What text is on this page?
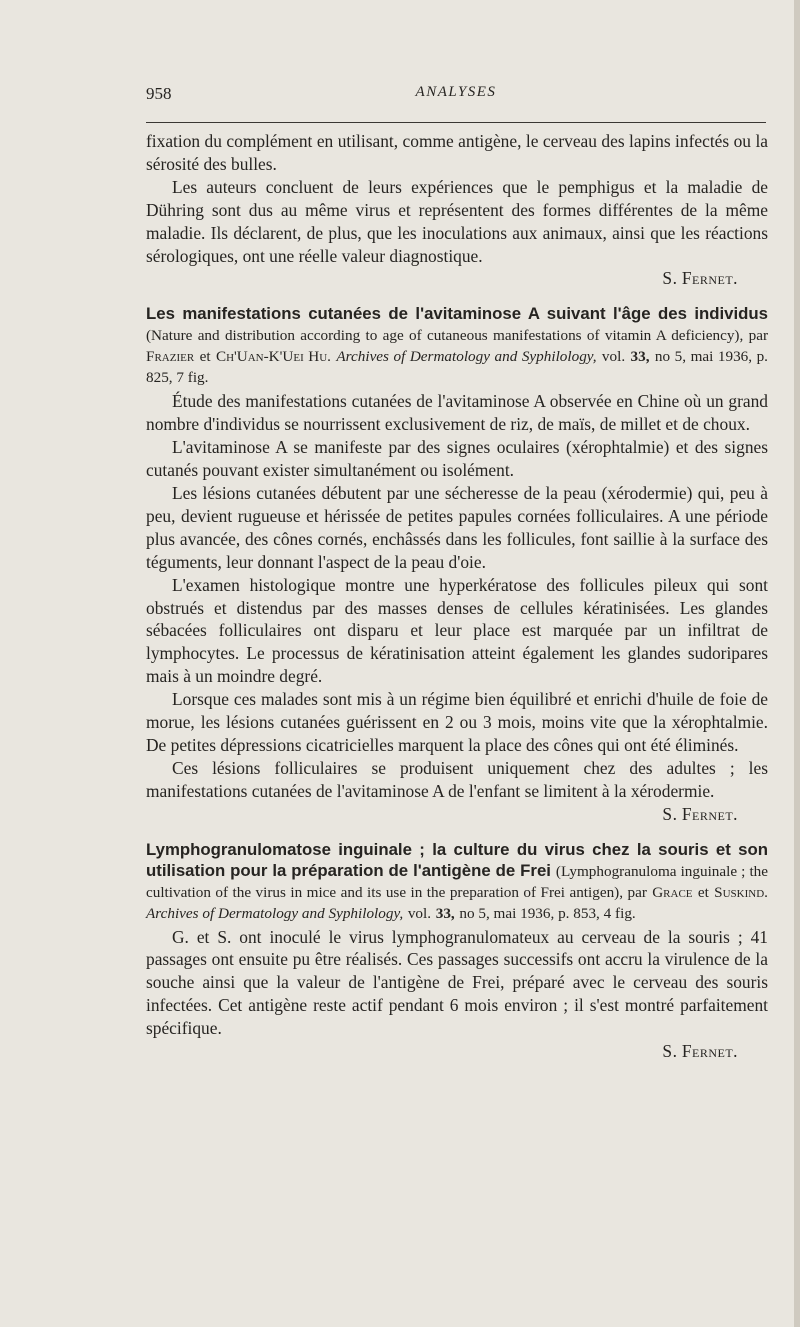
958	ANALYSES

fixation du complément en utilisant, comme antigène, le cerveau des lapins infectés ou la sérosité des bulles.

Les auteurs concluent de leurs expériences que le pemphigus et la maladie de Dühring sont dus au même virus et représentent des formes différentes de la même maladie. Ils déclarent, de plus, que les inoculations aux animaux, ainsi que les réactions sérologiques, ont une réelle valeur diagnostique.

S. Fernet.

Les manifestations cutanées de l'avitaminose A suivant l'âge des individus (Nature and distribution according to age of cutaneous manifestations of vitamin A deficiency), par Frazier et Ch'Uan-K'Uei Hu. Archives of Dermatology and Syphilology, vol. 33, no 5, mai 1936, p. 825, 7 fig.

Étude des manifestations cutanées de l'avitaminose A observée en Chine où un grand nombre d'individus se nourrissent exclusivement de riz, de maïs, de millet et de choux.

L'avitaminose A se manifeste par des signes oculaires (xérophtalmie) et des signes cutanés pouvant exister simultanément ou isolément.

Les lésions cutanées débutent par une sécheresse de la peau (xérodermie) qui, peu à peu, devient rugueuse et hérissée de petites papules cornées folliculaires. A une période plus avancée, des cônes cornés, enchâssés dans les follicules, font saillie à la surface des téguments, leur donnant l'aspect de la peau d'oie.

L'examen histologique montre une hyperkératose des follicules pileux qui sont obstrués et distendus par des masses denses de cellules kératinisées. Les glandes sébacées folliculaires ont disparu et leur place est marquée par un infiltrat de lymphocytes. Le processus de kératinisation atteint également les glandes sudoripares mais à un moindre degré.

Lorsque ces malades sont mis à un régime bien équilibré et enrichi d'huile de foie de morue, les lésions cutanées guérissent en 2 ou 3 mois, moins vite que la xérophtalmie. De petites dépressions cicatricielles marquent la place des cônes qui ont été éliminés.

Ces lésions folliculaires se produisent uniquement chez des adultes ; les manifestations cutanées de l'avitaminose A de l'enfant se limitent à la xérodermie.

S. Fernet.

Lymphogranulomatose inguinale ; la culture du virus chez la souris et son utilisation pour la préparation de l'antigène de Frei (Lymphogranuloma inguinale ; the cultivation of the virus in mice and its use in the preparation of Frei antigen), par Grace et Suskind. Archives of Dermatology and Syphilology, vol. 33, no 5, mai 1936, p. 853, 4 fig.

G. et S. ont inoculé le virus lymphogranulomateux au cerveau de la souris ; 41 passages ont ensuite pu être réalisés. Ces passages successifs ont accru la virulence de la souche ainsi que la valeur de l'antigène de Frei, préparé avec le cerveau des souris infectées. Cet antigène reste actif pendant 6 mois environ ; il s'est montré parfaitement spécifique.

S. Fernet.
